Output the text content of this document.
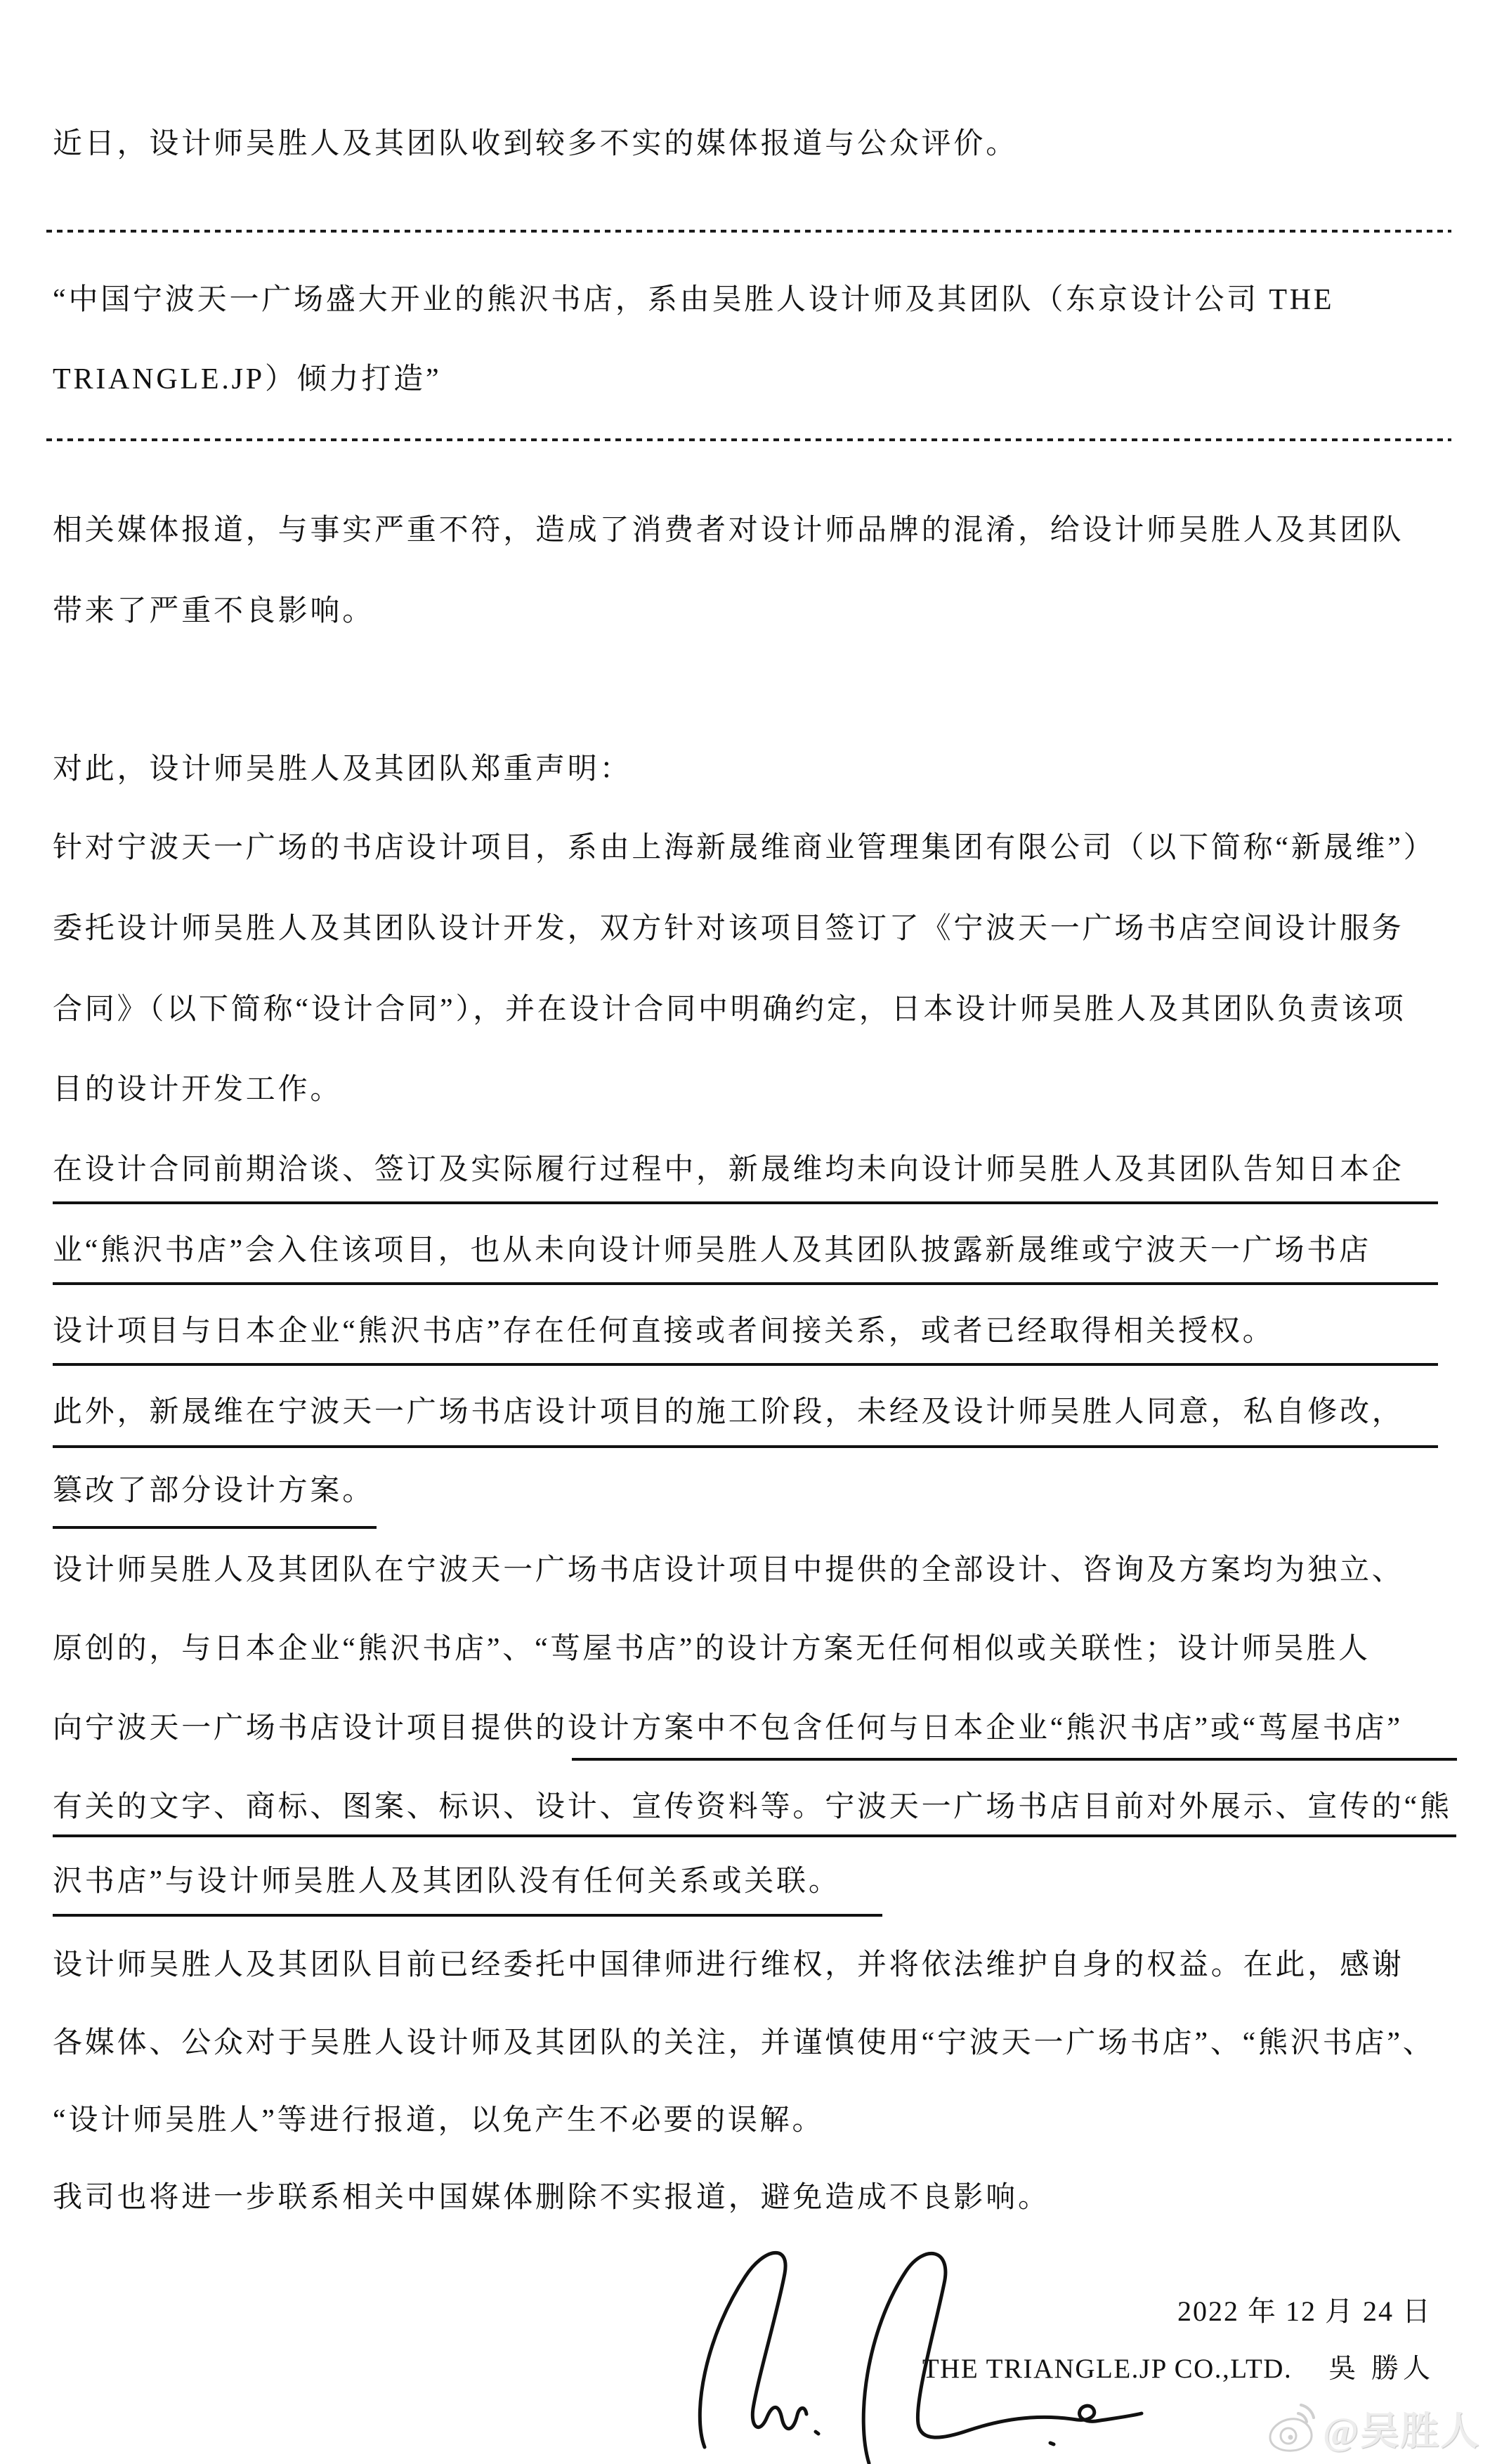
近日，设计师吴胜人及其团队收到较多不实的媒体报道与公众评价。
“中国宁波天一广场盛大开业的熊沢书店，系由吴胜人设计师及其团队（东京设计公司 THE
TRIANGLE.JP）倾力打造”
相关媒体报道，与事实严重不符，造成了消费者对设计师品牌的混淆，给设计师吴胜人及其团队
带来了严重不良影响。
对此，设计师吴胜人及其团队郑重声明：
针对宁波天一广场的书店设计项目，系由上海新晟维商业管理集团有限公司（以下简称“新晟维”）
委托设计师吴胜人及其团队设计开发，双方针对该项目签订了《宁波天一广场书店空间设计服务
合同》（以下简称“设计合同”），并在设计合同中明确约定，日本设计师吴胜人及其团队负责该项
目的设计开发工作。
在设计合同前期洽谈、签订及实际履行过程中，新晟维均未向设计师吴胜人及其团队告知日本企
业“熊沢书店”会入住该项目，也从未向设计师吴胜人及其团队披露新晟维或宁波天一广场书店
设计项目与日本企业“熊沢书店”存在任何直接或者间接关系，或者已经取得相关授权。
此外，新晟维在宁波天一广场书店设计项目的施工阶段，未经及设计师吴胜人同意，私自修改，
篡改了部分设计方案。
设计师吴胜人及其团队在宁波天一广场书店设计项目中提供的全部设计、咨询及方案均为独立、
原创的，与日本企业“熊沢书店”、“茑屋书店”的设计方案无任何相似或关联性；设计师吴胜人
向宁波天一广场书店设计项目提供的设计方案中不包含任何与日本企业“熊沢书店”或“茑屋书店”
有关的文字、商标、图案、标识、设计、宣传资料等。宁波天一广场书店目前对外展示、宣传的“熊
沢书店”与设计师吴胜人及其团队没有任何关系或关联。
设计师吴胜人及其团队目前已经委托中国律师进行维权，并将依法维护自身的权益。在此，感谢
各媒体、公众对于吴胜人设计师及其团队的关注，并谨慎使用“宁波天一广场书店”、“熊沢书店”、
“设计师吴胜人”等进行报道，以免产生不必要的误解。
我司也将进一步联系相关中国媒体删除不实报道，避免造成不良影响。
2022 年 12 月 24 日
THE TRIANGLE.JP CO.,LTD. 吳 勝人
@吴胜人
